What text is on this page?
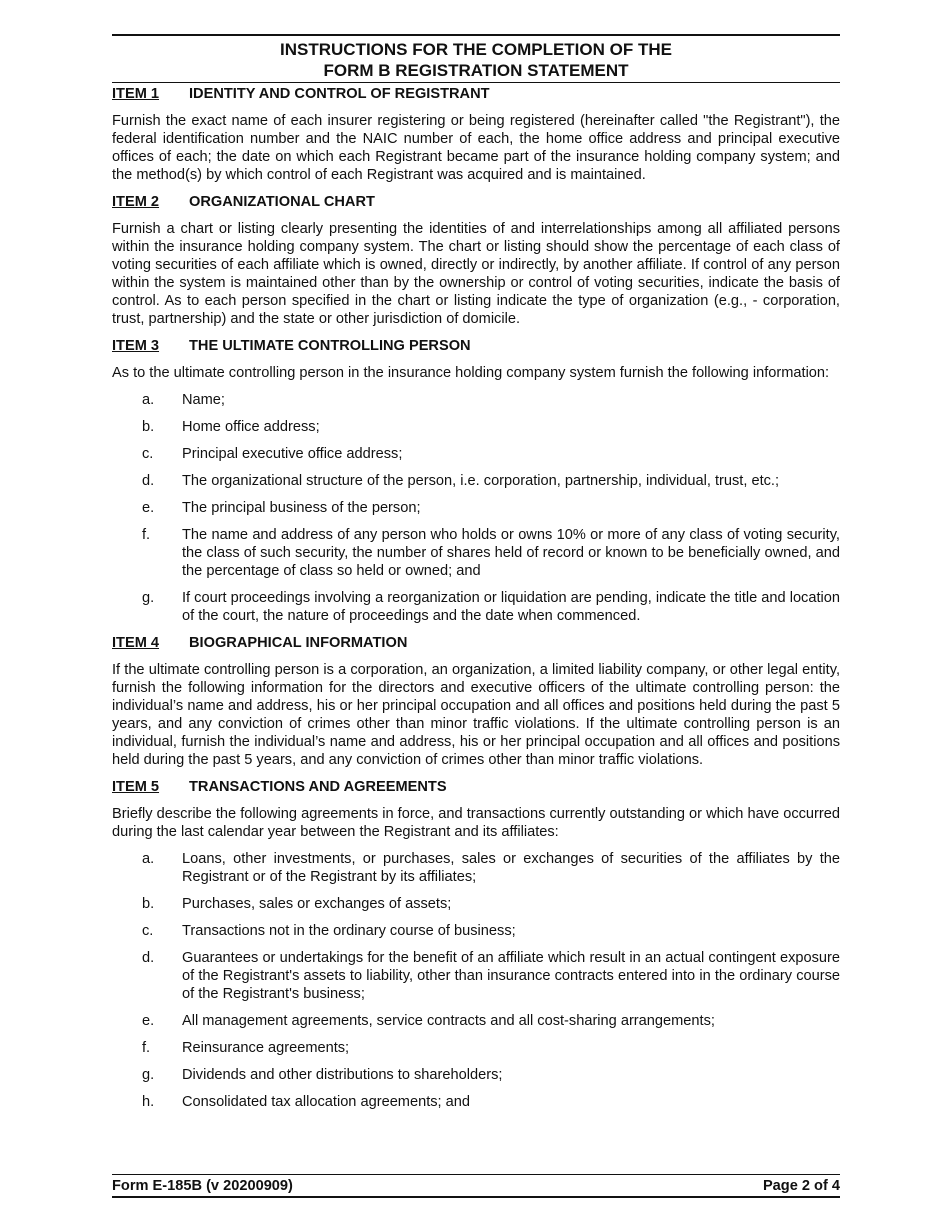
INSTRUCTIONS FOR THE COMPLETION OF THE
FORM B REGISTRATION STATEMENT
ITEM 1	IDENTITY AND CONTROL OF REGISTRANT

Furnish the exact name of each insurer registering or being registered (hereinafter called "the Registrant"), the federal identification number and the NAIC number of each, the home office address and principal executive offices of each; the date on which each Registrant became part of the insurance holding company system; and the method(s) by which control of each Registrant was acquired and is maintained.

ITEM 2	ORGANIZATIONAL CHART

Furnish a chart or listing clearly presenting the identities of and interrelationships among all affiliated persons within the insurance holding company system. The chart or listing should show the percentage of each class of voting securities of each affiliate which is owned, directly or indirectly, by another affiliate. If control of any person within the system is maintained other than by the ownership or control of voting securities, indicate the basis of control. As to each person specified in the chart or listing indicate the type of organization (e.g., - corporation, trust, partnership) and the state or other jurisdiction of domicile.

ITEM 3	THE ULTIMATE CONTROLLING PERSON

As to the ultimate controlling person in the insurance holding company system furnish the following information:

a.	Name;
b.	Home office address;
c.	Principal executive office address;
d.	The organizational structure of the person, i.e. corporation, partnership, individual, trust, etc.;
e.	The principal business of the person;
f.	The name and address of any person who holds or owns 10% or more of any class of voting security, the class of such security, the number of shares held of record or known to be beneficially owned, and the percentage of class so held or owned; and
g.	If court proceedings involving a reorganization or liquidation are pending, indicate the title and location of the court, the nature of proceedings and the date when commenced.
ITEM 4	BIOGRAPHICAL INFORMATION

If the ultimate controlling person is a corporation, an organization, a limited liability company, or other legal entity, furnish the following information for the directors and executive officers of the ultimate controlling person: the individual’s name and address, his or her principal occupation and all offices and positions held during the past 5 years, and any conviction of crimes other than minor traffic violations. If the ultimate controlling person is an individual, furnish the individual’s name and address, his or her principal occupation and all offices and positions held during the past 5 years, and any conviction of crimes other than minor traffic violations.

ITEM 5	TRANSACTIONS AND AGREEMENTS

Briefly describe the following agreements in force, and transactions currently outstanding or which have occurred during the last calendar year between the Registrant and its affiliates:

a.	Loans, other investments, or purchases, sales or exchanges of securities of the affiliates by the Registrant or of the Registrant by its affiliates;
b.	Purchases, sales or exchanges of assets;
c.	Transactions not in the ordinary course of business;
d.	Guarantees or undertakings for the benefit of an affiliate which result in an actual contingent exposure of the Registrant's assets to liability, other than insurance contracts entered into in the ordinary course of the Registrant's business;
e.	All management agreements, service contracts and all cost-sharing arrangements;
f.	Reinsurance agreements;
g.	Dividends and other distributions to shareholders;
h.	Consolidated tax allocation agreements; and
Form E-185B (v 20200909)	Page 2 of 4
